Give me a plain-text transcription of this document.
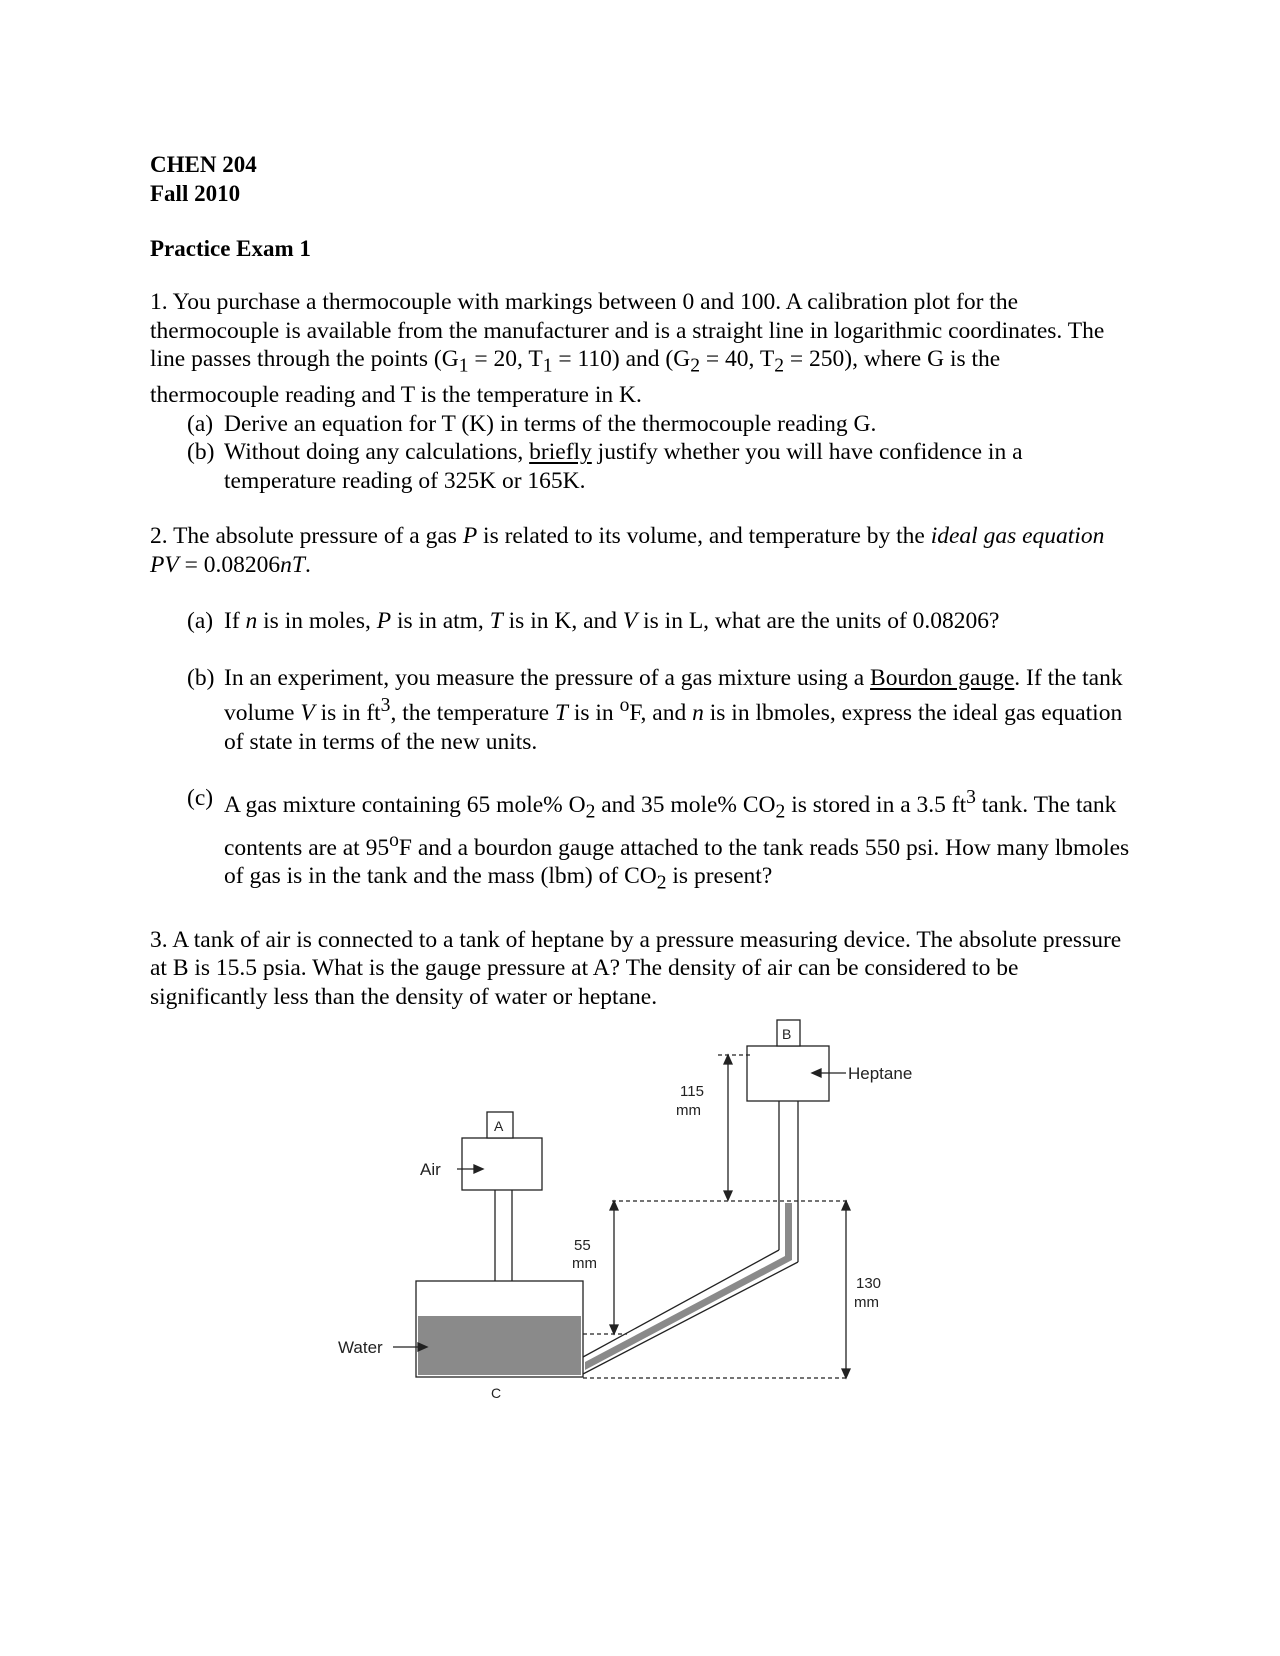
CHEN 204
Fall 2010
Practice Exam 1
1. You purchase a thermocouple with markings between 0 and 100. A calibration plot for the thermocouple is available from the manufacturer and is a straight line in logarithmic coordinates. The line passes through the points ($G_1 = 20$, $T_1 = 110$) and ($G_2 = 40$, $T_2 = 250$), where G is the thermocouple reading and T is the temperature in K.
(a) Derive an equation for T (K) in terms of the thermocouple reading G.
(b) Without doing any calculations, briefly justify whether you will have confidence in a temperature reading of 325K or 165K.
2. The absolute pressure of a gas P is related to its volume, and temperature by the ideal gas equation PV = 0.08206nT.
(a) If n is in moles, P is in atm, T is in K, and V is in L, what are the units of 0.08206?
(b) In an experiment, you measure the pressure of a gas mixture using a Bourdon gauge. If the tank volume V is in $ft^3$, the temperature T is in $^o$F, and n is in lbmoles, express the ideal gas equation of state in terms of the new units.
(c) A gas mixture containing 65 mole% $O_2$ and 35 mole% $CO_2$ is stored in a 3.5 $ft^3$ tank. The tank contents are at 95$^o$F and a bourdon gauge attached to the tank reads 550 psi. How many lbmoles of gas is in the tank and the mass (lbm) of $CO_2$ is present?
3. A tank of air is connected to a tank of heptane by a pressure measuring device. The absolute pressure at B is 15.5 psia. What is the gauge pressure at A? The density of air can be considered to be significantly less than the density of water or heptane.
B
A
C
Air
Water
Heptane
115
mm
55
mm
130
mm
